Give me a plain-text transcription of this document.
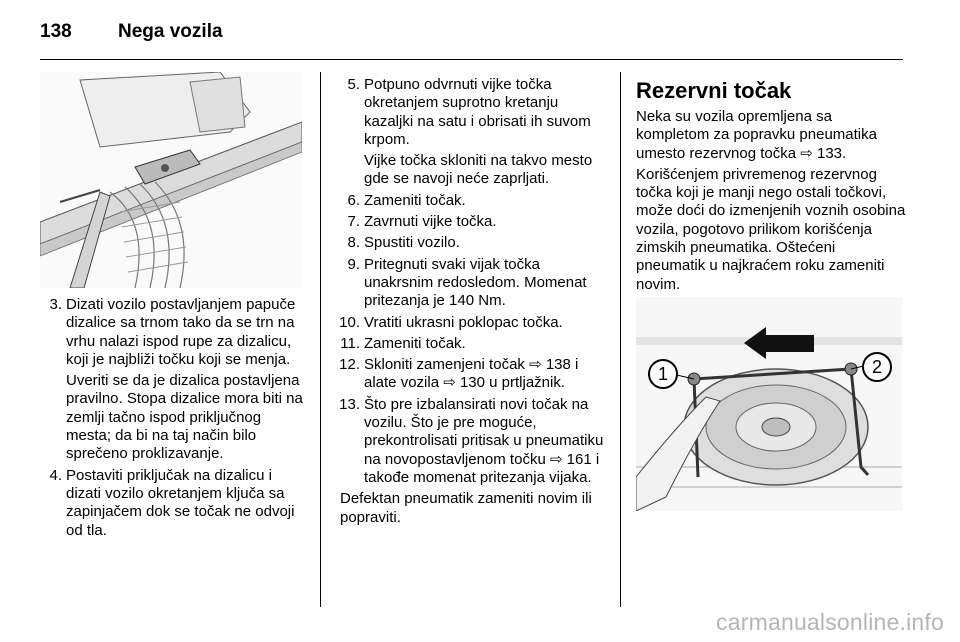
138	Nega vozila
3. Dizati vozilo postavljanjem papuče dizalice sa trnom tako da se trn na vrhu nalazi ispod rupe za dizalicu, koji je najbliži točku koji se menja.

Uveriti se da je dizalica postavljena pravilno. Stopa dizalice mora biti na zemlji tačno ispod priključnog mesta; da bi na taj način bilo sprečeno proklizavanje.

4. Postaviti priključak na dizalicu i dizati vozilo okretanjem ključa sa zapinjačem dok se točak ne odvoji od tla.

5. Potpuno odvrnuti vijke točka okretanjem suprotno kretanju kazaljki na satu i obrisati ih suvom krpom.

Vijke točka skloniti na takvo mesto gde se navoji neće zaprljati.

6. Zameniti točak.

7. Zavrnuti vijke točka.

8. Spustiti vozilo.

9. Pritegnuti svaki vijak točka unakrsnim redosledom. Momenat pritezanja je 140 Nm.

10. Vratiti ukrasni poklopac točka.

11. Zameniti točak.

12. Skloniti zamenjeni točak ⇨ 138 i alate vozila ⇨ 130 u prtljažnik.

13. Što pre izbalansirati novi točak na vozilu. Što je pre moguće, prekontrolisati pritisak u pneumatiku na novopostavljenom točku ⇨ 161 i takođe momenat pritezanja vijaka.

Defektan pneumatik zameniti novim ili popraviti.

Rezervni točak

Neka su vozila opremljena sa kompletom za popravku pneumatika umesto rezervnog točka ⇨ 133.

Korišćenjem privremenog rezervnog točka koji je manji nego ostali točkovi, može doći do izmenjenih voznih osobina vozila, pogotovo prilikom korišćenja zimskih pneumatika. Oštećeni pneumatik u najkraćem roku zameniti novim.

1	2
carmanualsonline.info
